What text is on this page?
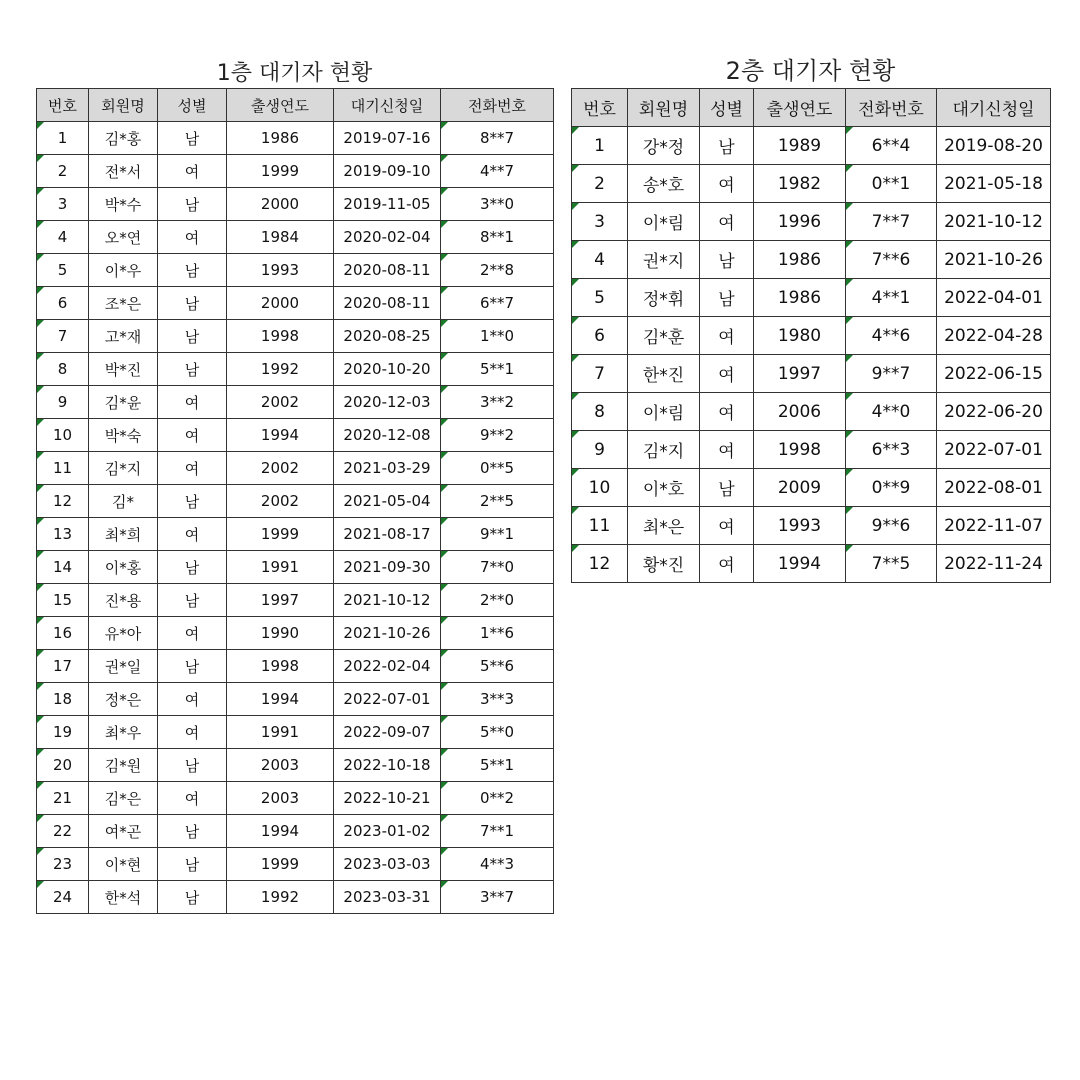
1층 대기자 현황
번호	회원명	성별	출생연도	대기신청일	전화번호
1	김*홍	남	1986	2019-07-16	8**7
2	전*서	여	1999	2019-09-10	4**7
3	박*수	남	2000	2019-11-05	3**0
4	오*연	여	1984	2020-02-04	8**1
5	이*우	남	1993	2020-08-11	2**8
6	조*은	남	2000	2020-08-11	6**7
7	고*재	남	1998	2020-08-25	1**0
8	박*진	남	1992	2020-10-20	5**1
9	김*윤	여	2002	2020-12-03	3**2
10	박*숙	여	1994	2020-12-08	9**2
11	김*지	여	2002	2021-03-29	0**5
12	김*	남	2002	2021-05-04	2**5
13	최*희	여	1999	2021-08-17	9**1
14	이*홍	남	1991	2021-09-30	7**0
15	진*용	남	1997	2021-10-12	2**0
16	유*아	여	1990	2021-10-26	1**6
17	권*일	남	1998	2022-02-04	5**6
18	정*은	여	1994	2022-07-01	3**3
19	최*우	여	1991	2022-09-07	5**0
20	김*원	남	2003	2022-10-18	5**1
21	김*은	여	2003	2022-10-21	0**2
22	여*곤	남	1994	2023-01-02	7**1
23	이*현	남	1999	2023-03-03	4**3
24	한*석	남	1992	2023-03-31	3**7
2층 대기자 현황
번호	회원명	성별	출생연도	전화번호	대기신청일
1	강*정	남	1989	6**4	2019-08-20
2	송*호	여	1982	0**1	2021-05-18
3	이*림	여	1996	7**7	2021-10-12
4	권*지	남	1986	7**6	2021-10-26
5	정*휘	남	1986	4**1	2022-04-01
6	김*훈	여	1980	4**6	2022-04-28
7	한*진	여	1997	9**7	2022-06-15
8	이*림	여	2006	4**0	2022-06-20
9	김*지	여	1998	6**3	2022-07-01
10	이*호	남	2009	0**9	2022-08-01
11	최*은	여	1993	9**6	2022-11-07
12	황*진	여	1994	7**5	2022-11-24
